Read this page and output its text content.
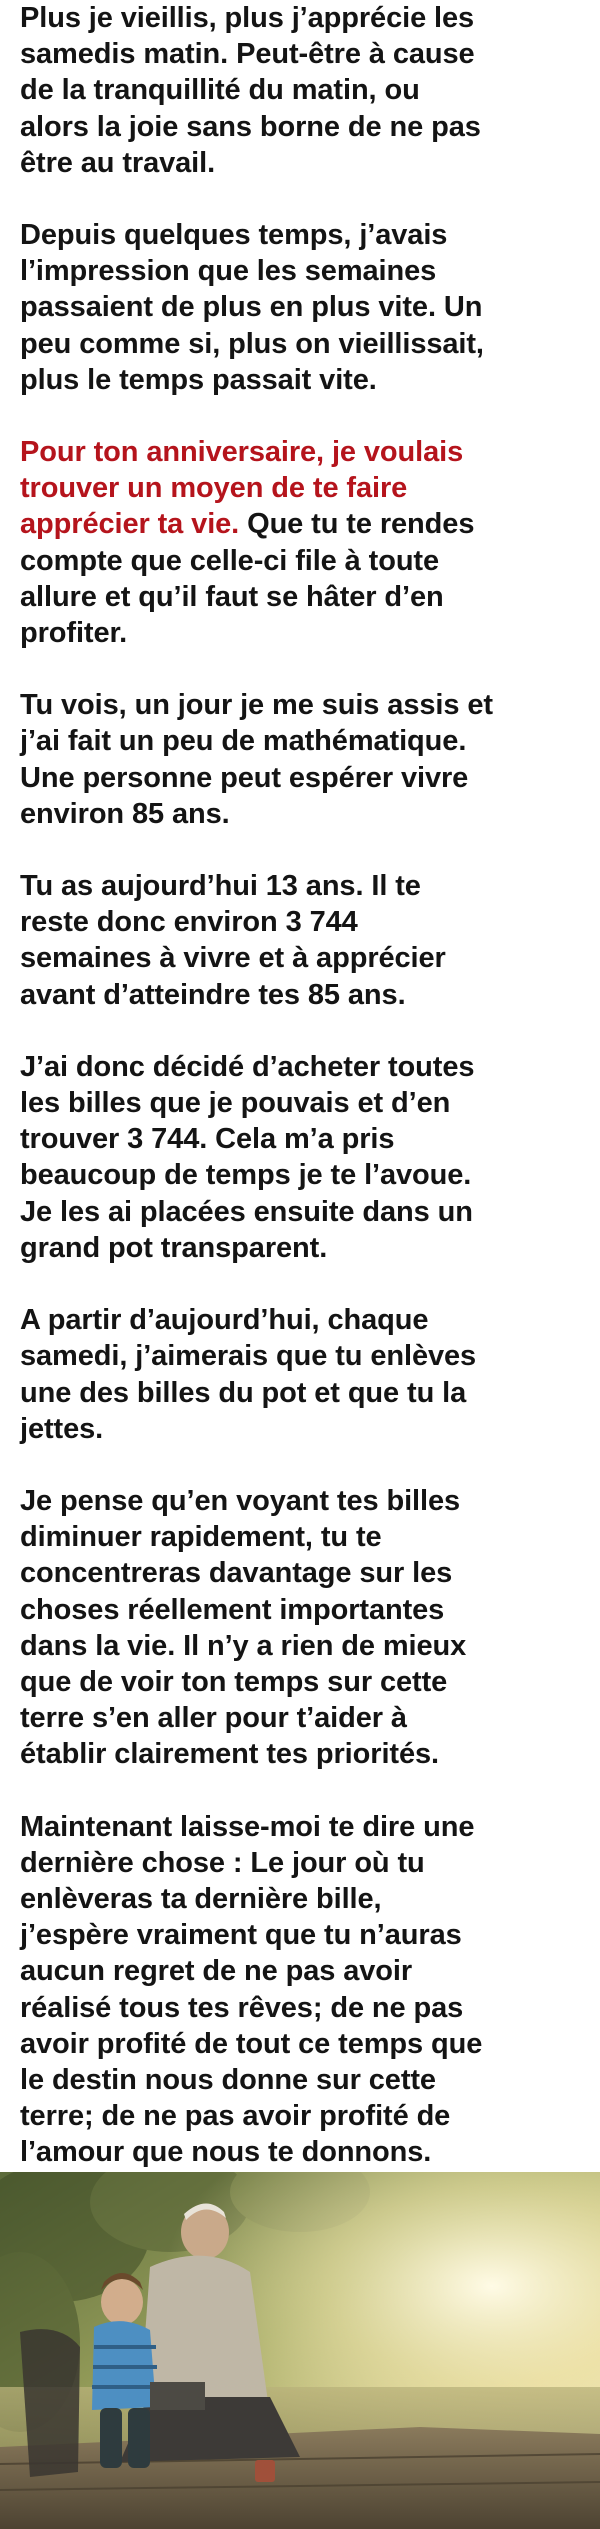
Plus je vieillis, plus j’apprécie les
samedis matin. Peut-être à cause
de la tranquillité du matin, ou
alors la joie sans borne de ne pas
être au travail.

Depuis quelques temps, j’avais
l’impression que les semaines
passaient de plus en plus vite. Un
peu comme si, plus on vieillissait,
plus le temps passait vite.

Pour ton anniversaire, je voulais
trouver un moyen de te faire
apprécier ta vie. Que tu te rendes
compte que celle-ci file à toute
allure et qu’il faut se hâter d’en
profiter.

Tu vois, un jour je me suis assis et
j’ai fait un peu de mathématique.
Une personne peut espérer vivre
environ 85 ans.

Tu as aujourd’hui 13 ans. Il te
reste donc environ 3 744
semaines à vivre et à apprécier
avant d’atteindre tes 85 ans.

J’ai donc décidé d’acheter toutes
les billes que je pouvais et d’en
trouver 3 744. Cela m’a pris
beaucoup de temps je te l’avoue.
Je les ai placées ensuite dans un
grand pot transparent.

A partir d’aujourd’hui, chaque
samedi, j’aimerais que tu enlèves
une des billes du pot et que tu la
jettes.

Je pense qu’en voyant tes billes
diminuer rapidement, tu te
concentreras davantage sur les
choses réellement importantes
dans la vie. Il n’y a rien de mieux
que de voir ton temps sur cette
terre s’en aller pour t’aider à
établir clairement tes priorités.

Maintenant laisse-moi te dire une
dernière chose : Le jour où tu
enlèveras ta dernière bille,
j’espère vraiment que tu n’auras
aucun regret de ne pas avoir
réalisé tous tes rêves; de ne pas
avoir profité de tout ce temps que
le destin nous donne sur cette
terre; de ne pas avoir profité de
l’amour que nous te donnons.
